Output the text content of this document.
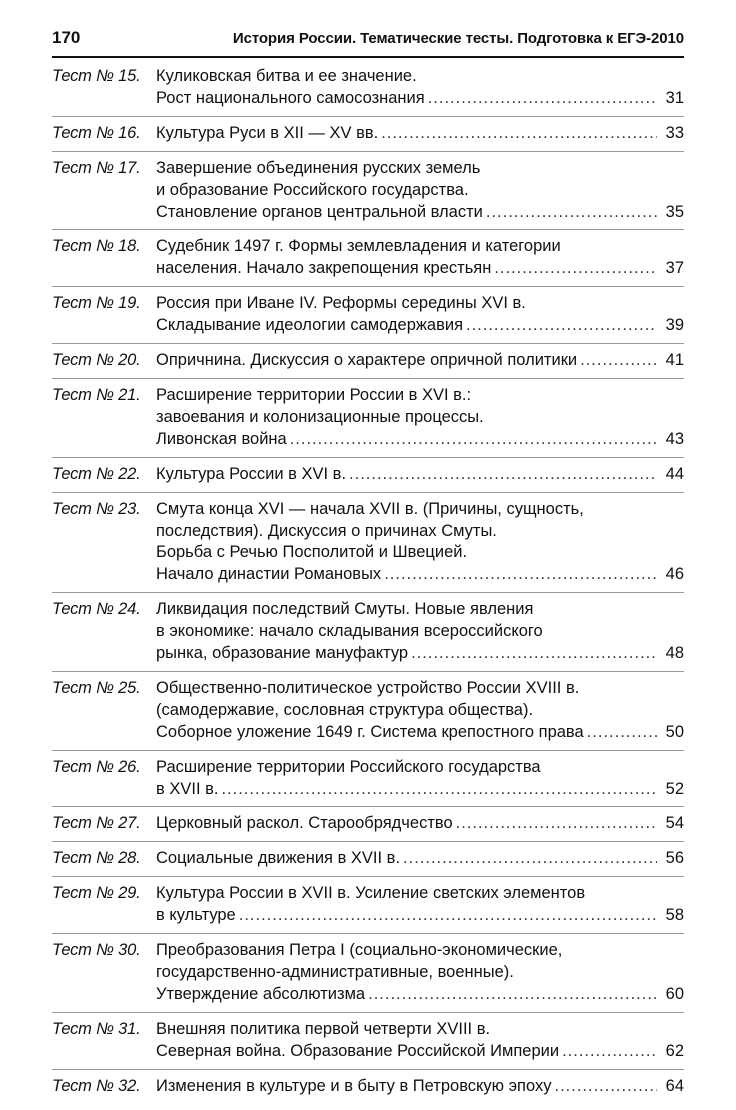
170	История России. Тематические тесты. Подготовка к ЕГЭ-2010
Тест № 15. Куликовская битва и ее значение.
Рост национального самосознания .....	31
Тест № 16. Культура Руси в XII — XV вв. .....	33
Тест № 17. Завершение объединения русских земель
и образование Российского государства.
Становление органов центральной власти .....	35
Тест № 18. Судебник 1497 г. Формы землевладения и категории
населения. Начало закрепощения крестьян .....	37
Тест № 19. Россия при Иване IV. Реформы середины XVI в.
Складывание идеологии самодержавия .....	39
Тест № 20. Опричнина. Дискуссия о характере опричной политики .....	41
Тест № 21. Расширение территории России в XVI в.:
завоевания и колонизационные процессы.
Ливонская война .....	43
Тест № 22. Культура России в XVI в. .....	44
Тест № 23. Смута конца XVI — начала XVII в. (Причины, сущность,
последствия). Дискуссия о причинах Смуты.
Борьба с Речью Посполитой и Швецией.
Начало династии Романовых .....	46
Тест № 24. Ликвидация последствий Смуты. Новые явления
в экономике: начало складывания всероссийского
рынка, образование мануфактур .....	48
Тест № 25. Общественно-политическое устройство России XVIII в.
(самодержавие, сословная структура общества).
Соборное уложение 1649 г. Система крепостного права .....	50
Тест № 26. Расширение территории Российского государства
в XVII в. .....	52
Тест № 27. Церковный раскол. Старообрядчество .....	54
Тест № 28. Социальные движения в XVII в. .....	56
Тест № 29. Культура России в XVII в. Усиление светских элементов
в культуре .....	58
Тест № 30. Преобразования Петра I (социально-экономические,
государственно-административные, военные).
Утверждение абсолютизма .....	60
Тест № 31. Внешняя политика первой четверти XVIII в.
Северная война. Образование Российской Империи .....	62
Тест № 32. Изменения в культуре и в быту в Петровскую эпоху .....	64
